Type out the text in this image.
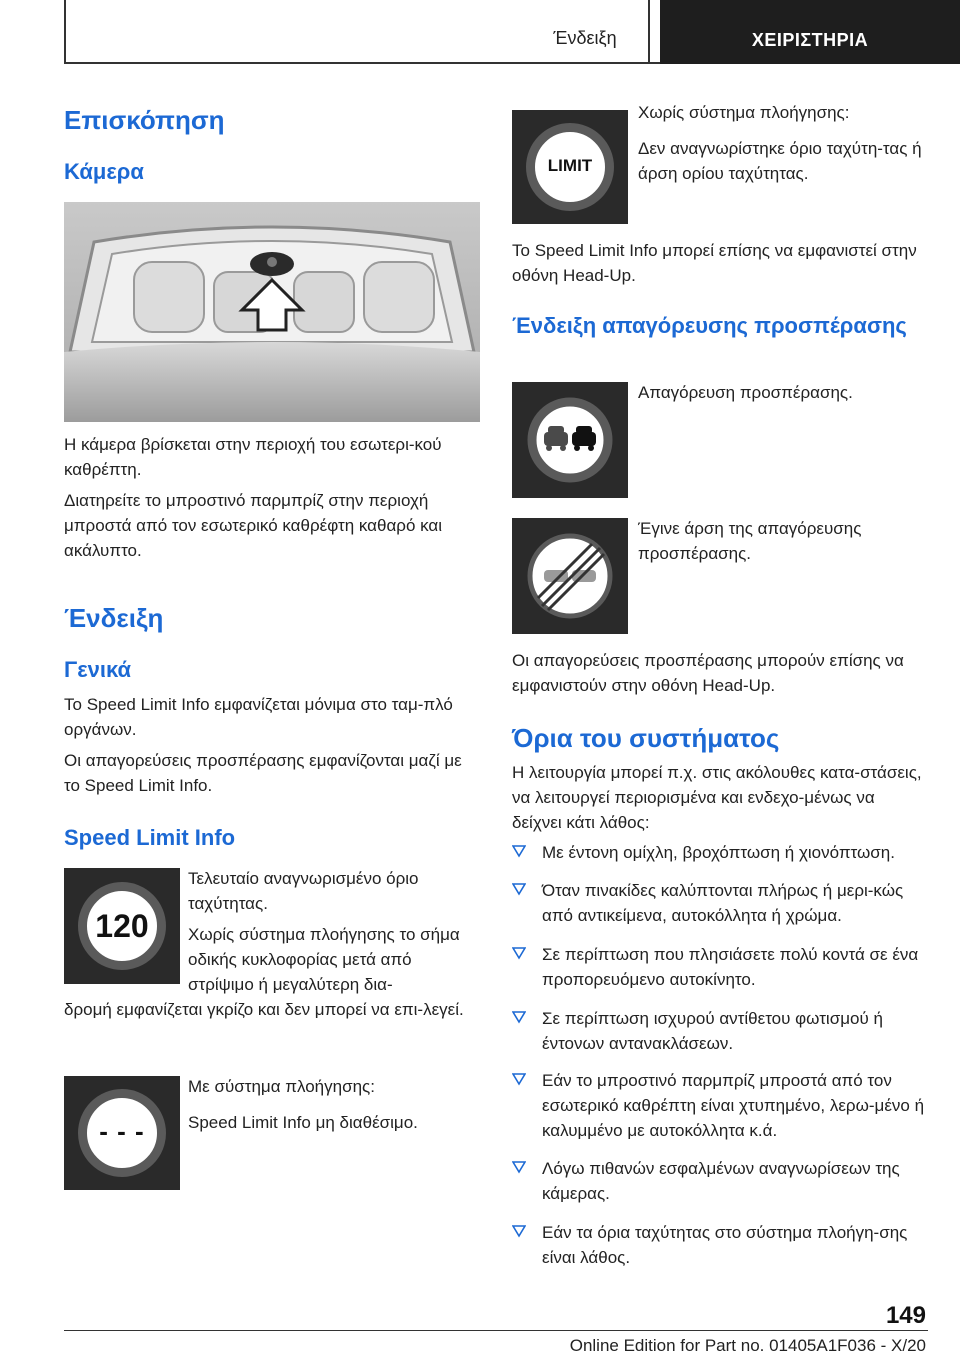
Ένδειξη	ΧΕΙΡΙΣΤΗΡΙΑ
Επισκόπηση
Κάμερα

Η κάμερα βρίσκεται στην περιοχή του εσωτερι‐κού καθρέπτη.

Διατηρείτε το μπροστινό παρμπρίζ στην περιοχή μπροστά από τον εσωτερικό καθρέφτη καθαρό και ακάλυπτο.

Ένδειξη
Γενικά

Το Speed Limit Info εμφανίζεται μόνιμα στο ταμ‐πλό οργάνων.

Οι απαγορεύσεις προσπέρασης εμφανίζονται μαζί με το Speed Limit Info.

Speed Limit Info
120

Τελευταίο αναγνωρισμένο όριο ταχύτητας.

Χωρίς σύστημα πλοήγησης το σήμα οδικής κυκλοφορίας μετά από στρίψιμο ή μεγαλύτερη δια‐

δρομή εμφανίζεται γκρίζο και δεν μπορεί να επι‐λεγεί.

- - -

Με σύστημα πλοήγησης:

Speed Limit Info μη διαθέσιμο.

LIMIT

Χωρίς σύστημα πλοήγησης:

Δεν αναγνωρίστηκε όριο ταχύτη‐τας ή άρση ορίου ταχύτητας.

Το Speed Limit Info μπορεί επίσης να εμφανιστεί στην οθόνη Head-Up.

Ένδειξη απαγόρευσης προσπέρασης

Απαγόρευση προσπέρασης.

Έγινε άρση της απαγόρευσης προσπέρασης.

Οι απαγορεύσεις προσπέρασης μπορούν επίσης να εμφανιστούν στην οθόνη Head-Up.

Όρια του συστήματος

Η λειτουργία μπορεί π.χ. στις ακόλουθες κατα‐στάσεις, να λειτουργεί περιορισμένα και ενδεχο‐μένως να δείχνει κάτι λάθος:

Με έντονη ομίχλη, βροχόπτωση ή χιονόπτωση.
Όταν πινακίδες καλύπτονται πλήρως ή μερι‐κώς από αντικείμενα, αυτοκόλλητα ή χρώμα.
Σε περίπτωση που πλησιάσετε πολύ κοντά σε ένα προπορευόμενο αυτοκίνητο.
Σε περίπτωση ισχυρού αντίθετου φωτισμού ή έντονων αντανακλάσεων.
Εάν το μπροστινό παρμπρίζ μπροστά από τον εσωτερικό καθρέπτη είναι χτυπημένο, λερω‐μένο ή καλυμμένο με αυτοκόλλητα κ.ά.
Λόγω πιθανών εσφαλμένων αναγνωρίσεων της κάμερας.
Εάν τα όρια ταχύτητας στο σύστημα πλοήγη‐σης είναι λάθος.
149
Online Edition for Part no. 01405A1F036 - X/20
